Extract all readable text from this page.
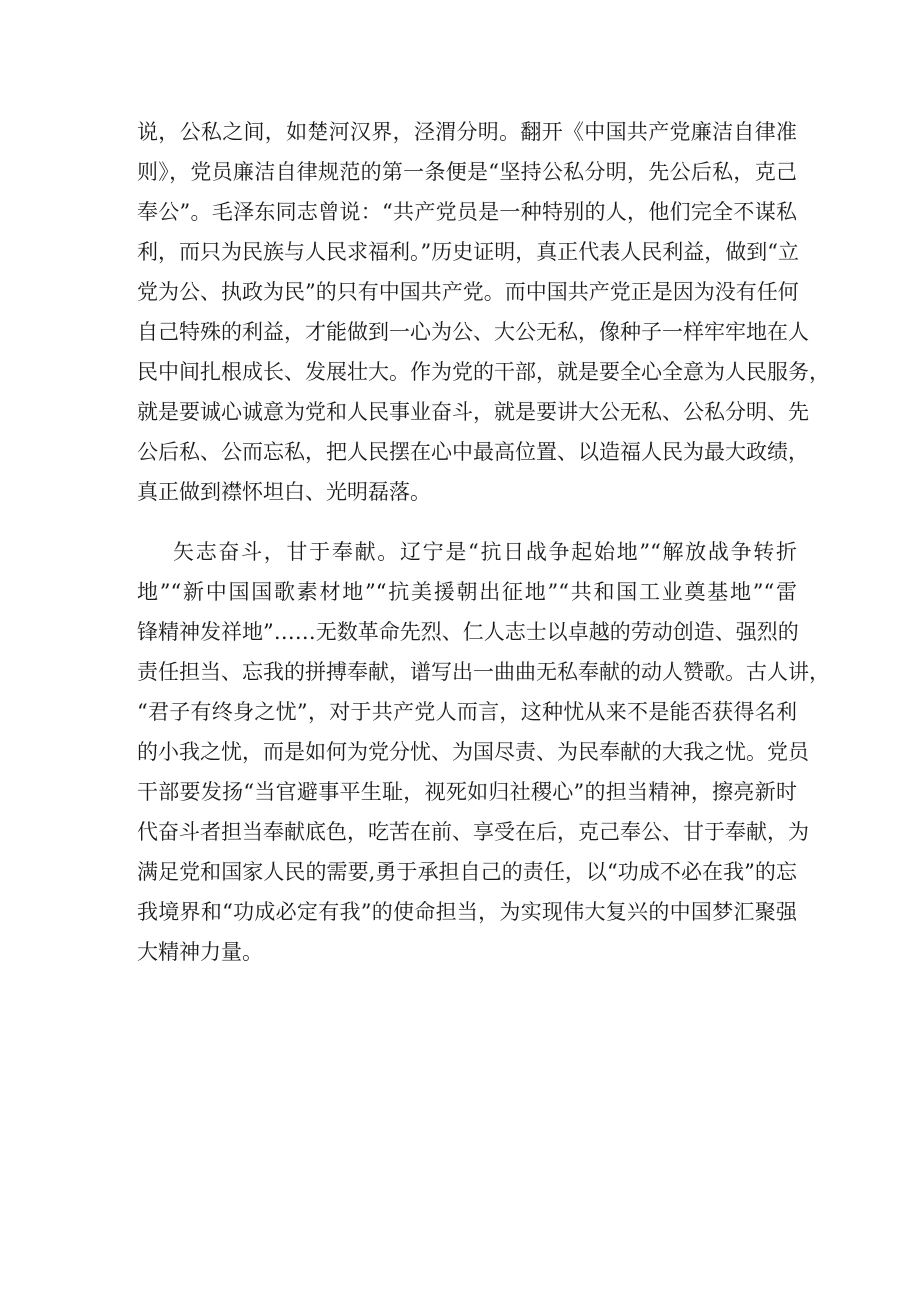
说，公私之间，如楚河汉界，泾渭分明。翻开《中国共产党廉洁自律准
则》，党员廉洁自律规范的第一条便是“坚持公私分明，先公后私，克己
奉公”。毛泽东同志曾说：“共产党员是一种特别的人，他们完全不谋私
利，而只为民族与人民求福利。”历史证明，真正代表人民利益，做到“立
党为公、执政为民”的只有中国共产党。而中国共产党正是因为没有任何
自己特殊的利益，才能做到一心为公、大公无私，像种子一样牢牢地在人
民中间扎根成长、发展壮大。作为党的干部，就是要全心全意为人民服务，
就是要诚心诚意为党和人民事业奋斗，就是要讲大公无私、公私分明、先
公后私、公而忘私，把人民摆在心中最高位置、以造福人民为最大政绩，
真正做到襟怀坦白、光明磊落。
矢志奋斗，甘于奉献。辽宁是“抗日战争起始地”“解放战争转折
地”“新中国国歌素材地”“抗美援朝出征地”“共和国工业奠基地”“雷
锋精神发祥地”……无数革命先烈、仁人志士以卓越的劳动创造、强烈的
责任担当、忘我的拼搏奉献，谱写出一曲曲无私奉献的动人赞歌。古人讲，
“君子有终身之忧”，对于共产党人而言，这种忧从来不是能否获得名利
的小我之忧，而是如何为党分忧、为国尽责、为民奉献的大我之忧。党员
干部要发扬“当官避事平生耻，视死如归社稷心”的担当精神，擦亮新时
代奋斗者担当奉献底色，吃苦在前、享受在后，克己奉公、甘于奉献，为
满足党和国家人民的需要,勇于承担自己的责任，以“功成不必在我”的忘
我境界和“功成必定有我”的使命担当，为实现伟大复兴的中国梦汇聚强
大精神力量。
